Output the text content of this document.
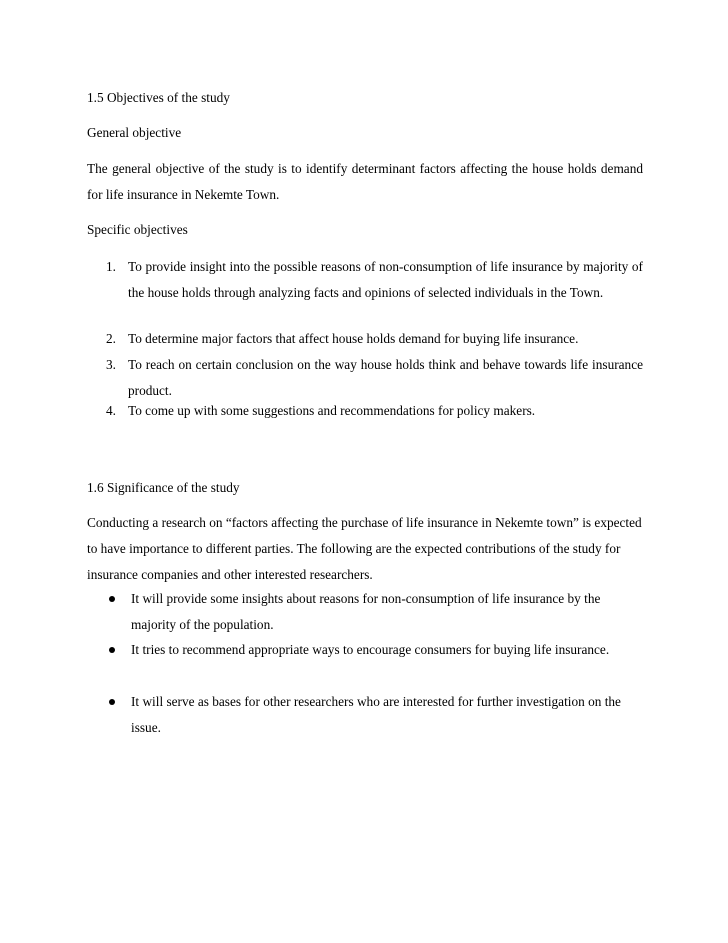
1.5 Objectives of the study
General objective
The general objective of the study is to identify determinant factors affecting the house holds demand for life insurance in Nekemte Town.
Specific objectives
1. To provide insight into the possible reasons of non-consumption of life insurance by majority of the house holds through analyzing facts and opinions of selected individuals in the Town.
2. To determine major factors that affect house holds demand for buying life insurance.
3. To reach on certain conclusion on the way house holds think and behave towards life insurance product.
4. To come up with some suggestions and recommendations for policy makers.
1.6 Significance of the study
Conducting a research on “factors affecting the purchase of life insurance in Nekemte town” is expected to have importance to different parties. The following are the expected contributions of the study for insurance companies and other interested researchers.
It will provide some insights about reasons for non-consumption of life insurance by the majority of the population.
It tries to recommend appropriate ways to encourage consumers for buying life insurance.
It will serve as bases for other researchers who are interested for further investigation on the issue.
